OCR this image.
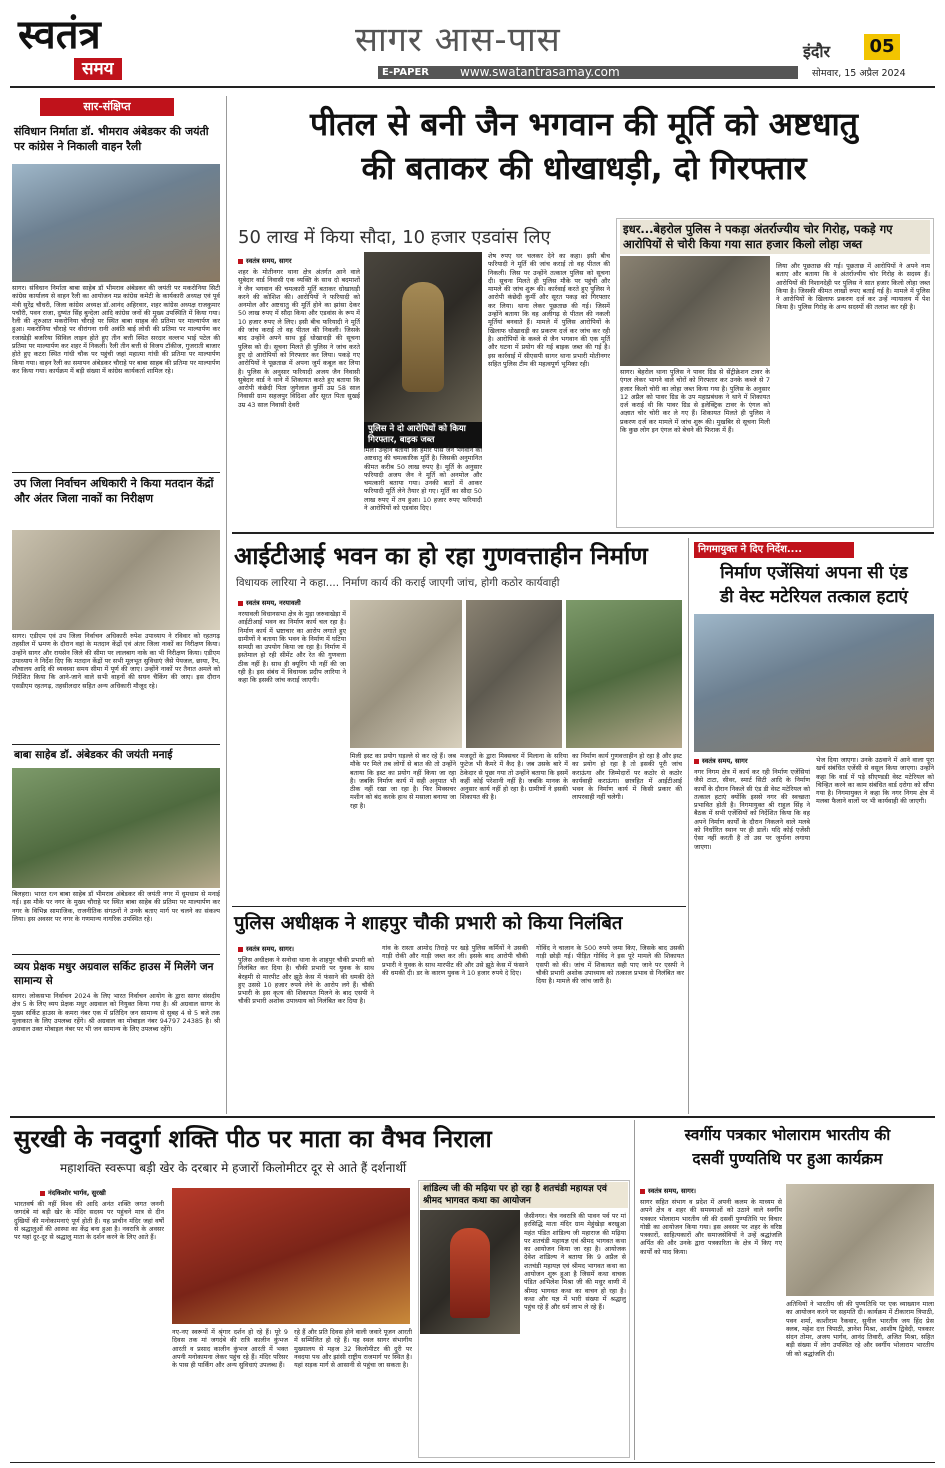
स्वतंत्र
समय
सागर आस-पास	इंदौर	05
E-PAPER	www.swatantrasamay.com	सोमवार, 15 अप्रैल 2024
सार-संक्षिप्त
संविधान निर्माता डॉ. भीमराव अंबेडकर की जयंती पर कांग्रेस ने निकाली वाहन रैली
सागर। संविधान निर्माता बाबा साहेब डॉ भीमराव अंबेडकर की जयंती पर मकरोनिया सिटी कांग्रेस कार्यालय से वाहन रैली का आयोजन मप्र कांग्रेस कमेटी के कार्यकारी अध्यक्ष एवं पूर्व मंत्री सुरेंद्र चौधरी, जिला कांग्रेस अध्यक्ष डॉ.आनंद अहिरवार, शहर कांग्रेस अध्यक्ष राजकुमार पचौरी, पवन राजा, दुष्यंत सिंह बुन्देला आदि कांग्रेस जनों की मुख्य उपस्थिति में किया गया। रैली की शुरुआत मकरोनिया चौराहे पर स्थित बाबा साहब की प्रतिमा पर माल्यार्पण कर हुआ। मकरोनिया चौराहे पर वीरांगना रानी अवंति बाई लोधी की प्रतिमा पर माल्यार्पण कर रजाखेड़ी बजरिया सिविल लाइन होते हुए तीन बत्ती स्थित सरदार वल्लभ भाई पटेल की प्रतिमा पर माल्यार्पण कर शहर में निकली। रैली तीन बत्ती से विजय टॉकीज, गुजराती बाजार होते हुए कटरा स्थित गांधी चौक पर पहुंची जहां महात्मा गांधी की प्रतिमा पर माल्यार्पण किया गया। वाहन रैली का समापन अंबेडकर चौराहे पर बाबा साहब की प्रतिमा पर माल्यार्पण कर किया गया। कार्यक्रम में बड़ी संख्या में कांग्रेस कार्यकर्ता शामिल रहे।
उप जिला निर्वाचन अधिकारी ने किया मतदान केंद्रों और अंतर जिला नाकों का निरीक्षण
सागर। एडीएम एवं उप जिला निर्वाचन अधिकारी रुपेश उपाध्याय ने रविवार को रहतगढ़ तहसील में भ्रमण के दौरान वहां के मतदान केंद्रों एवं अंतर जिला नाकों का निरीक्षण किया। उन्होंने सागर और रायसेन जिले की सीमा पर लालबाग नाके का भी निरीक्षण किया। एडीएम उपाध्याय ने निर्देश दिए कि मतदान केंद्रों पर सभी मूलभूत सुविधाएं जैसे पेयजल, छाया, रैंप, शौचालय आदि की व्यवस्था समय सीमा में पूर्ण की जाए। उन्होंने नाकों पर तैनात अमले को निर्देशित किया कि आने-जाने वाले सभी वाहनों की सघन चैकिंग की जाए। इस दौरान एसडीएम रहतगढ़, तहसीलदार सहित अन्य अधिकारी मौजूद रहे।
बाबा साहेब डॉ. अंबेडकर की जयंती मनाई
बिलहरा। भारत रत्न बाबा साहेब डॉ भीमराव अंबेडकर की जयंती नगर में धूमधाम से मनाई गई। इस मौके पर नगर के मुख्य चौराहे पर स्थित बाबा साहेब की प्रतिमा पर माल्यार्पण कर नगर के विभिन्न सामाजिक, राजनीतिक संगठनों ने उनके बताए मार्ग पर चलने का संकल्प लिया। इस अवसर पर नगर के गणमान्य नागरिक उपस्थित रहे।
व्यय प्रेक्षक मधुर अग्रवाल सर्किट हाउस में मिलेंगे जन सामान्य से
सागर। लोकसभा निर्वाचन 2024 के लिए भारत निर्वाचन आयोग के द्वारा सागर संसदीय क्षेत्र 5 के लिए व्यय प्रेक्षक मधुर अग्रवाल को नियुक्त किया गया है। श्री अग्रवाल सागर के मुख्य सर्किट हाउस के कमरा नंबर एक में प्रतिदिन जन सामान्य से सुबह 4 से 5 बजे तक मुलाकात के लिए उपलब्ध रहेंगे। श्री अग्रवाल का मोबाइल नंबर 94797 24385 है। श्री अग्रवाल उक्त मोबाइल नंबर पर भी जन सामान्य के लिए उपलब्ध रहेंगे।
पीतल से बनी जैन भगवान की मूर्ति को अष्टधातु
की बताकर की धोखाधड़ी, दो गिरफ्तार
50 लाख में किया सौदा, 10 हजार एडवांस लिए
स्वतंत्र समय, सागर
शहर के मोतीनगर थाना क्षेत्र अंतर्गत आने वाले सुबेदार वार्ड निवासी एक व्यक्ति के साथ दो बदमाशों ने जैन भगवान की चमत्कारी मूर्ति बताकर धोखाधड़ी करने की कोशिश की। आरोपियों ने फरियादी को अनमोल और अष्टधातु की मूर्ति होने का झांसा देकर 50 लाख रुपए में सौदा किया और एडवांस के रूप में 10 हजार रुपए ले लिए। इसी बीच फरियादी ने मूर्ति की जांच कराई तो वह पीतल की निकली। जिसके बाद उन्होंने अपने साथ हुई धोखाधड़ी की सूचना पुलिस को दी। सूचना मिलते ही पुलिस ने जांच करते हुए दो आरोपियों को गिरफ्तार कर लिया। पकड़े गए आरोपियों ने पूछताछ में अपना जुर्म कबूल कर लिया है। पुलिस के अनुसार फरियादी अजय जैन निवासी सुबेदार वार्ड ने थाने में शिकायत करते हुए बताया कि आरोपी कंछेदी पिता जुगेलाल कुर्मी उम्र 58 साल निवासी ग्राम सहजपुर विदिशा और सूरत पिता सुखई उम्र 43 साल निवासी देवरी
पुलिस ने दो आरोपियों को किया गिरफ्तार, बाइक जब्त
मिले। उन्होंने बताया कि हमारे पास जैन भगवान की अष्टधातु की चमत्कारिक मूर्ति है। जिसकी अनुमानित कीमत करीब 50 लाख रुपए है। मूर्ति के अनुसार फरियादी अजय जैन ने मूर्ति को अनमोल और चमत्कारी बताया गया। उनकी बातों में आकर फरियादी मूर्ति लेने तैयार हो गए। मूर्ति का सौदा 50 लाख रुपए में तय हुआ। 10 हजार रुपए फरियादी ने आरोपियों को एडवांस दिए।
शेष रुपए घर चलकर देने का कहा। इसी बीच फरियादी ने मूर्ति की जांच कराई तो वह पीतल की निकली। जिस पर उन्होंने तत्काल पुलिस को सूचना दी। सूचना मिलते ही पुलिस मौके पर पहुंची और मामले की जांच शुरू की। कार्रवाई करते हुए पुलिस ने आरोपी कंछेदी कुर्मी और सूरत पकड़ को गिरफ्तार कर लिया। थाना लेकर पूछताछ की गई। जिसमें उन्होंने बताया कि वह अलीगढ़ से पीतल की नकली मूर्तियां बनवाते हैं। मामले में पुलिस आरोपियों के खिलाफ धोखाधड़ी का प्रकरण दर्ज कर जांच कर रही है। आरोपियों के कब्जे से जैन भगवान की एक मूर्ति और घटना में प्रयोग की गई बाइक जब्त की गई है। इस कार्रवाई में सीएसपी सागर थाना प्रभारी मोतीनगर सहित पुलिस टीम की महत्वपूर्ण भूमिका रही।
इधर...बेहरोल पुलिस ने पकड़ा अंतर्राज्यीय चोर गिरोह, पकड़े गए आरोपियों से चोरी किया गया सात हजार किलो लोहा जब्त
सागर। बेहरोल थाना पुलिस ने पावर ग्रिड से सेंट्रीक्रेशन टावर के एंगल लेकर भागने वाले चोरों को गिरफ्तार कर उनके कब्जे से 7 हजार किलो चोरी का लोहा जब्त किया गया है। पुलिस के अनुसार 12 अप्रैल को पावर ग्रिड के उप महाप्रबंधक ने थाने में शिकायत दर्ज कराई थी कि पावर ग्रिड से इलेक्ट्रिक टावर के एंगल को अज्ञात चोर चोरी कर ले गए हैं। शिकायत मिलते ही पुलिस ने प्रकरण दर्ज कर मामले में जांच शुरू की। मुखबिर से सूचना मिली कि कुछ लोग इन एंगल को बेचने की फिराक में हैं।
लिया और पूछताछ की गई। पूछताछ में आरोपियों ने अपने नाम बताए और बताया कि वे अंतर्राज्यीय चोर गिरोह के सदस्य हैं। आरोपियों की निशानदेही पर पुलिस ने सात हजार किलो लोहा जब्त किया है। जिसकी कीमत लाखों रुपए बताई गई है। मामले में पुलिस ने आरोपियों के खिलाफ प्रकरण दर्ज कर उन्हें न्यायालय में पेश किया है। पुलिस गिरोह के अन्य सदस्यों की तलाश कर रही है।
आईटीआई भवन का हो रहा गुणवत्ताहीन निर्माण
विधायक लारिया ने कहा.... निर्माण कार्य की कराई जाएगी जांच, होगी कठोर कार्यवाही
स्वतंत्र समय, नरयावली
नरयावली विधानसभा क्षेत्र के मुड़ा जरुवाखेड़ा में आईटीआई भवन का निर्माण कार्य चल रहा है। निर्माण कार्य में भ्रष्टाचार का आरोप लगाते हुए ग्रामीणों ने बताया कि भवन के निर्माण में घटिया सामग्री का उपयोग किया जा रहा है। निर्माण में इस्तेमाल हो रही सीमेंट और रेत की गुणवत्ता ठीक नहीं है। साथ ही क्यूरिंग भी नहीं की जा रही है। इस संबंध में विधायक प्रदीप लारिया ने कहा कि इसकी जांच कराई जाएगी।
मिली इस्ट का प्रयोग घड़ल्ले से कर रहे हैं। जब मौके पर मिले तब लोगों से बात की तो उन्होंने बताया कि इस्ट का प्रयोग नहीं किया जा रहा है। जबकि निर्माण कार्य में सही अनुपात भी ठीक नहीं रखा जा रहा है। फिर मिक्सचर मशीन को बंद करके हाथ से मसाला बनाया जा रहा है।
मजदूरों के द्वारा मिक्सचर में मिलाना के सरिया फुटेज भी कैमरे में कैद है। जब उसके बारे में ठेकेदार से पूछा गया तो उन्होंने बताया कि इसमें कहीं कोई परेशानी नहीं है। जबकि मानक के अनुसार कार्य नहीं हो रहा है। ग्रामीणों ने इसकी शिकायत की है।
का निर्माण कार्य गुणवत्ताहीन हो रहा है और इस्ट का प्रयोग हो रहा है तो इसकी पूरी जांच कराऊंगा और जिम्मेदारों पर कठोर से कठोर कार्यवाही कराऊंगा। छात्रहित में आईटीआई भवन के निर्माण कार्य में किसी प्रकार की लापरवाही नहीं चलेगी।
निगमायुक्त ने दिए निर्देश....
निर्माण एजेंसियां अपना सी एंड
डी वेस्ट मटेरियल तत्काल हटाएं
स्वतंत्र समय, सागर
नगर निगम क्षेत्र में कार्य कर रही निर्माण एजेंसियां जैसे टाटा, सीवर, स्मार्ट सिटी आदि के निर्माण कार्यों के दौरान निकले सी एंड डी वेस्ट मटेरियल को तत्काल हटाएं क्योंकि इससे नगर की स्वच्छता प्रभावित होती है। निगमायुक्त श्री राहुल सिंह ने बैठक में सभी एजेंसियों को निर्देशित किया कि वह अपने निर्माण कार्यों के दौरान निकलने वाले मलबे को निर्धारित स्थान पर ही डालें। यदि कोई एजेंसी ऐसा नहीं करती है तो उस पर जुर्माना लगाया जाएगा।
भेज दिया जाएगा। उनके उठवाने में आने वाला पूरा खर्च संबंधित एजेंसी से वसूल किया जाएगा। उन्होंने कहा कि वार्ड में पड़े सीएण्डडी वेस्ट मटेरियल को चिन्हित करने का काम संबंधित वार्ड दरोगा को सौंपा गया है। निगमायुक्त ने कहा कि नगर निगम क्षेत्र में मलबा फैलाने वालों पर भी कार्यवाही की जाएगी।
पुलिस अधीक्षक ने शाहपुर चौकी प्रभारी को किया निलंबित
स्वतंत्र समय, सागर।
पुलिस अधीक्षक ने सनोधा थाना के शाहपुर चौकी प्रभारी को निलंबित कर दिया है। चौकी प्रभारी पर युवक के साथ बेरहमी से मारपीट और झूठे केस में फंसाने की धमकी देते हुए उससे 10 हजार रुपये लेने के आरोप लगे हैं। चौकी प्रभारी के इस कृत्य की शिकायत मिलने के बाद एसपी ने चौकी प्रभारी अशोक उपाध्याय को निलंबित कर दिया है।
गांव के रास्ता आमोद तिराहे पर खड़े पुलिस कर्मियों ने उसकी गाड़ी रोकी और गाड़ी जब्त कर ली। इसके बाद आरोपी चौकी प्रभारी ने युवक के साथ मारपीट की और उसे झूठे केस में फंसाने की धमकी दी। डर के कारण युवक ने 10 हजार रुपये दे दिए।
गोविंद ने चालान के 500 रुपये जमा किए, जिसके बाद उसकी गाड़ी छोड़ी गई। पीड़ित गोविंद ने इस पूरे मामले की शिकायत एसपी को की। जांच में शिकायत सही पाए जाने पर एसपी ने चौकी प्रभारी अशोक उपाध्याय को तत्काल प्रभाव से निलंबित कर दिया है। मामले की जांच जारी है।
सुरखी के नवदुर्गा शक्ति पीठ पर माता का वैभव निराला
महाशक्ति स्वरूपा बड़ी खेर के दरबार मे हजारों किलोमीटर दूर से आते हैं दर्शनार्थी
नंदकिशोर भार्गव, सुरखी
भारतवर्ष की नहीं विश्व की आदि अनंत शक्ति जगत जननी जगदंबे मां बड़ी खेर के मंदिर सदस्य पर पहुंचने मात्र से दीन दुखियों की मनोकामनाएं पूर्ण होती हैं। यह प्राचीन मंदिर जहां वर्षों से श्रद्धालुओं की आस्था का केंद्र बना हुआ है। नवरात्रि के अवसर पर यहां दूर-दूर से श्रद्धालु माता के दर्शन करने के लिए आते हैं।
नए-नए स्वरूपों में श्रृंगार दर्शन हो रहे हैं। पूरे 9 दिवस तक मां जगदंबे की रात्रि कालीन कुंभज आरती व प्रसाद कालीन कुंभज आरती में भक्त अपनी मनोकामना लेकर पहुंच रहे हैं। मंदिर परिसर के पास ही पार्किंग और अन्य सुविधाएं उपलब्ध हैं।
रहे हैं और प्रति दिवस होने वाली जवारे पूजन आरती में सम्मिलित हो रहे हैं। यह स्थल सागर संभागीय मुख्यालय से महज 32 किलोमीटर की दूरी पर नवदया पथ और झांसी राष्ट्रीय राजमार्ग पर स्थित है। यहां सड़क मार्ग से आसानी से पहुंचा जा सकता है।
शांडिल्य जी की मढ़िया पर हो रहा है शतचंडी महायज्ञ एवं श्रीमद भागवत कथा का आयोजन
जैसीनगर। चैत्र नवरात्रि की पावन पर्व पर मां हरसिद्धि माता मंदिर ग्राम मेहुंखेड़ा बरखुआ महंत पंडित शांडिल्य जी महाराज की मढ़िया पर शतचंडी महायज्ञ एवं श्रीमद भागवत कथा का आयोजन किया जा रहा है। आयोजक देवेश शांडिल्य ने बताया कि 9 अप्रैल से शतचंडी महायज्ञ एवं श्रीमद भागवत कथा का आयोजन शुरू हुआ है जिसमें कथा वाचक पंडित अभिलेश मिश्रा जी की मधुर वाणी में श्रीमद भागवत कथा का वाचन हो रहा है। कथा और यज्ञ में भारी संख्या में श्रद्धालु पहुंच रहे हैं और धर्म लाभ ले रहे हैं।
स्वर्गीय पत्रकार भोलाराम भारतीय की
दसवीं पुण्यतिथि पर हुआ कार्यक्रम
स्वतंत्र समय, सागर।
सागर सहित संभाग व प्रदेश में अपनी कलम के माध्यम से अपने क्षेत्र व शहर की समस्याओं को उठाने वाले स्वर्गीय पत्रकार भोलाराम भारतीय जी की दसवीं पुण्यतिथि पर विचार गोष्ठी का आयोजन किया गया। इस अवसर पर शहर के वरिष्ठ पत्रकारों, साहित्यकारों और समाजसेवियों ने उन्हें श्रद्धांजलि अर्पित की और उनके द्वारा पत्रकारिता के क्षेत्र में किए गए कार्यों को याद किया।
अतिथियों ने भारतीय जी की पुण्यतिथि पर एक व्याख्यान माला का आयोजन करने पर सहमति दी। कार्यक्रम में टीकाराम त्रिपाठी, पवन शर्मा, काशीराम रैकवार, सुनील भारतीय जय हिंद प्रेस क्लब, महेश दत्त त्रिपाठी, ज्ञानेश मिश्रा, आशीष द्विवेदी, पत्रकार संदन तोमर, अजय भार्गव, आनंद तिवारी, अजित मिश्रा, सहित बड़ी संख्या में लोग उपस्थित रहे और स्वर्गीय भोलाराम भारतीय जी को श्रद्धांजलि दी।
